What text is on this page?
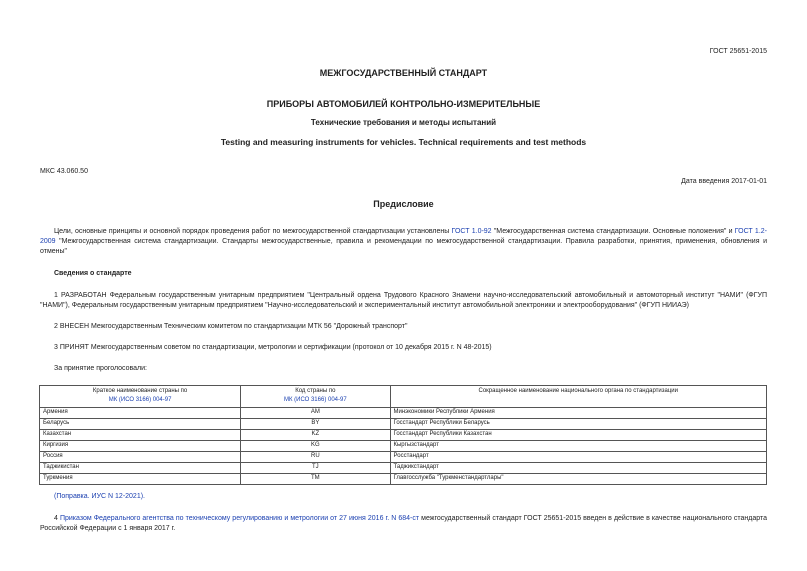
ГОСТ 25651-2015
МЕЖГОСУДАРСТВЕННЫЙ СТАНДАРТ
ПРИБОРЫ АВТОМОБИЛЕЙ КОНТРОЛЬНО-ИЗМЕРИТЕЛЬНЫЕ
Технические требования и методы испытаний
Testing and measuring instruments for vehicles. Technical requirements and test methods
МКС 43.060.50
Дата введения 2017-01-01
Предисловие
Цели, основные принципы и основной порядок проведения работ по межгосударственной стандартизации установлены ГОСТ 1.0-92 "Межгосударственная система стандартизации. Основные положения" и ГОСТ 1.2-2009 "Межгосударственная система стандартизации. Стандарты межгосударственные, правила и рекомендации по межгосударственной стандартизации. Правила разработки, принятия, применения, обновления и отмены"
Сведения о стандарте
1 РАЗРАБОТАН Федеральным государственным унитарным предприятием "Центральный ордена Трудового Красного Знамени научно-исследовательский автомобильный и автомоторный институт "НАМИ" (ФГУП "НАМИ"), Федеральным государственным унитарным предприятием "Научно-исследовательский и экспериментальный институт автомобильной электроники и электрооборудования" (ФГУП НИИАЭ)
2 ВНЕСЕН Межгосударственным Техническим комитетом по стандартизации МТК 56 "Дорожный транспорт"
3 ПРИНЯТ Межгосударственным советом по стандартизации, метрологии и сертификации (протокол от 10 декабря 2015 г. N 48-2015)
За принятие проголосовали:
Краткое наименование страны по
МК (ИСО 3166) 004-97	Код страны по
МК (ИСО 3166) 004-97	Сокращенное наименование национального органа по стандартизации
Армения	AM	Минэкономики Республики Армения
Беларусь	BY	Госстандарт Республики Беларусь
Казахстан	KZ	Госстандарт Республики Казахстан
Киргизия	KG	Кыргызстандарт
Россия	RU	Росстандарт
Таджикистан	TJ	Таджикстандарт
Туркмения	TM	Главгосслужба "Туркменстандартлары"
(Поправка. ИУС N 12-2021).
4 Приказом Федерального агентства по техническому регулированию и метрологии от 27 июня 2016 г. N 684-ст межгосударственный стандарт ГОСТ 25651-2015 введен в действие в качестве национального стандарта Российской Федерации с 1 января 2017 г.
